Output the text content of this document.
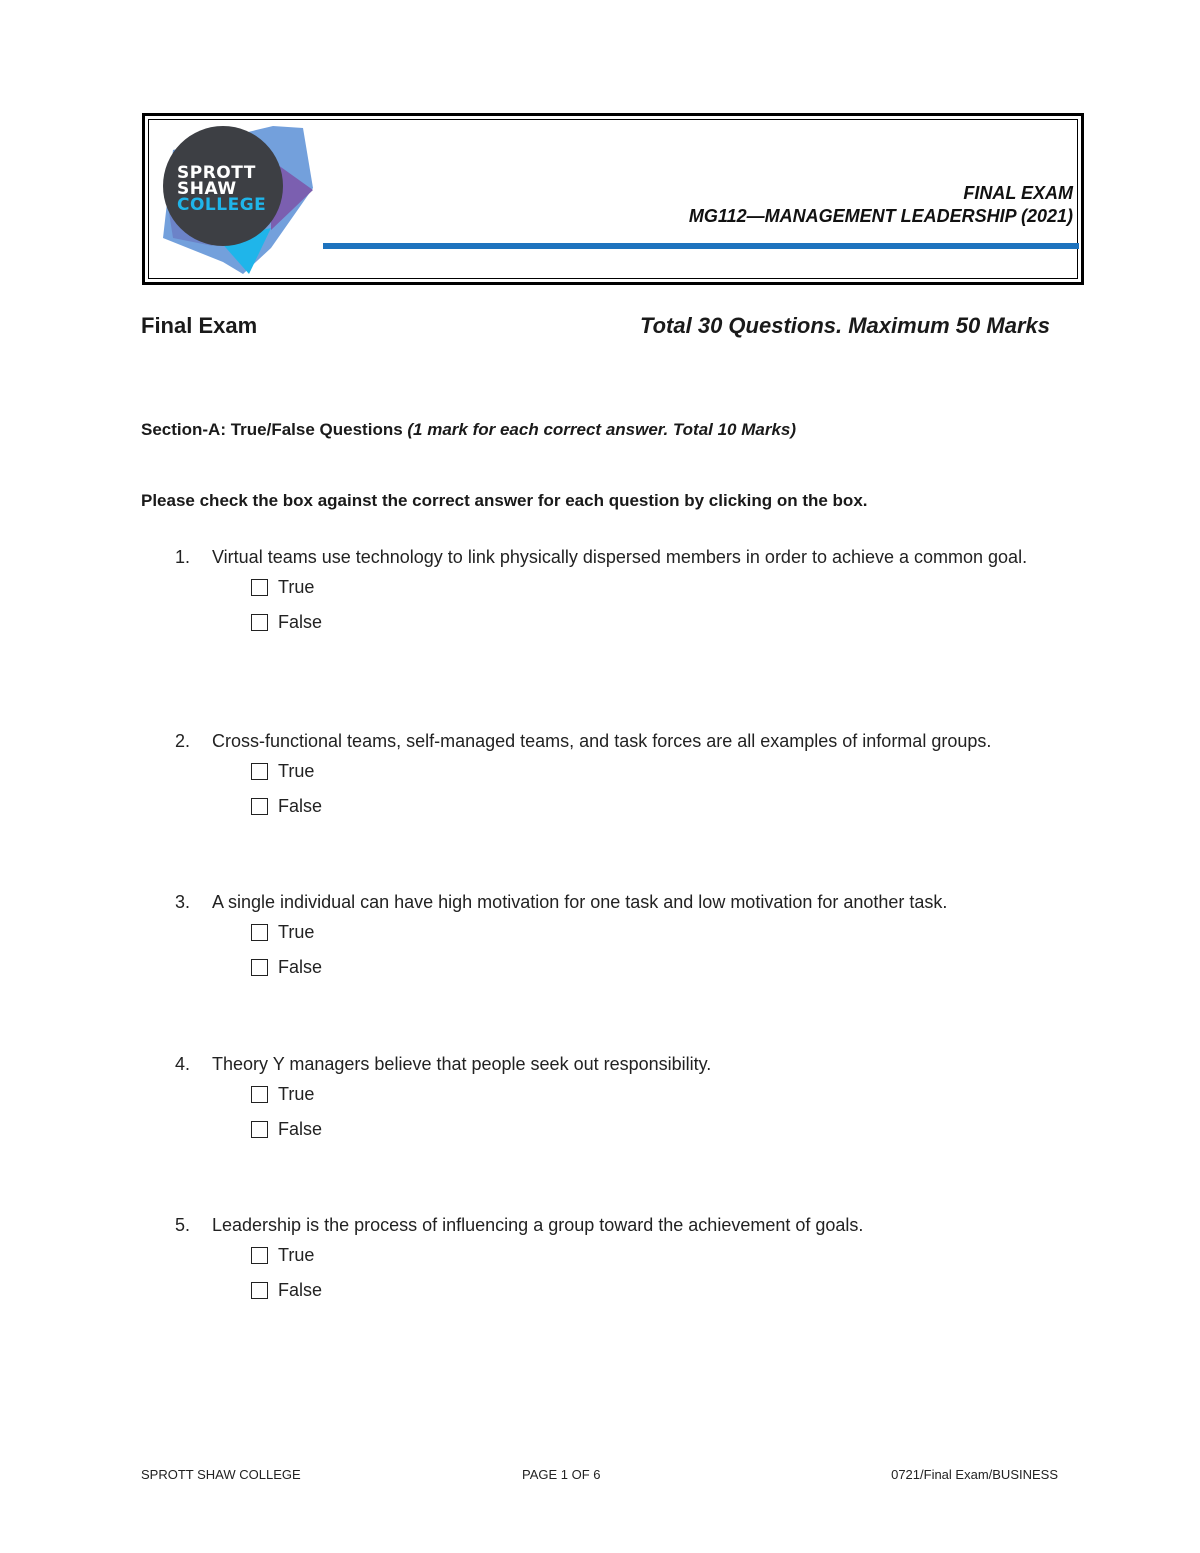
SPROTT
SHAW
COLLEGE
FINAL EXAM
MG112—MANAGEMENT LEADERSHIP (2021)
Final Exam	Total 30 Questions. Maximum 50 Marks
Section-A: True/False Questions (1 mark for each correct answer. Total 10 Marks)
Please check the box against the correct answer for each question by clicking on the box.
1. Virtual teams use technology to link physically dispersed members in order to achieve a common goal.
True
False
2. Cross-functional teams, self-managed teams, and task forces are all examples of informal groups.
True
False
3. A single individual can have high motivation for one task and low motivation for another task.
True
False
4. Theory Y managers believe that people seek out responsibility.
True
False
5. Leadership is the process of influencing a group toward the achievement of goals.
True
False
SPROTT SHAW COLLEGE	PAGE 1 OF 6	0721/Final Exam/BUSINESS
